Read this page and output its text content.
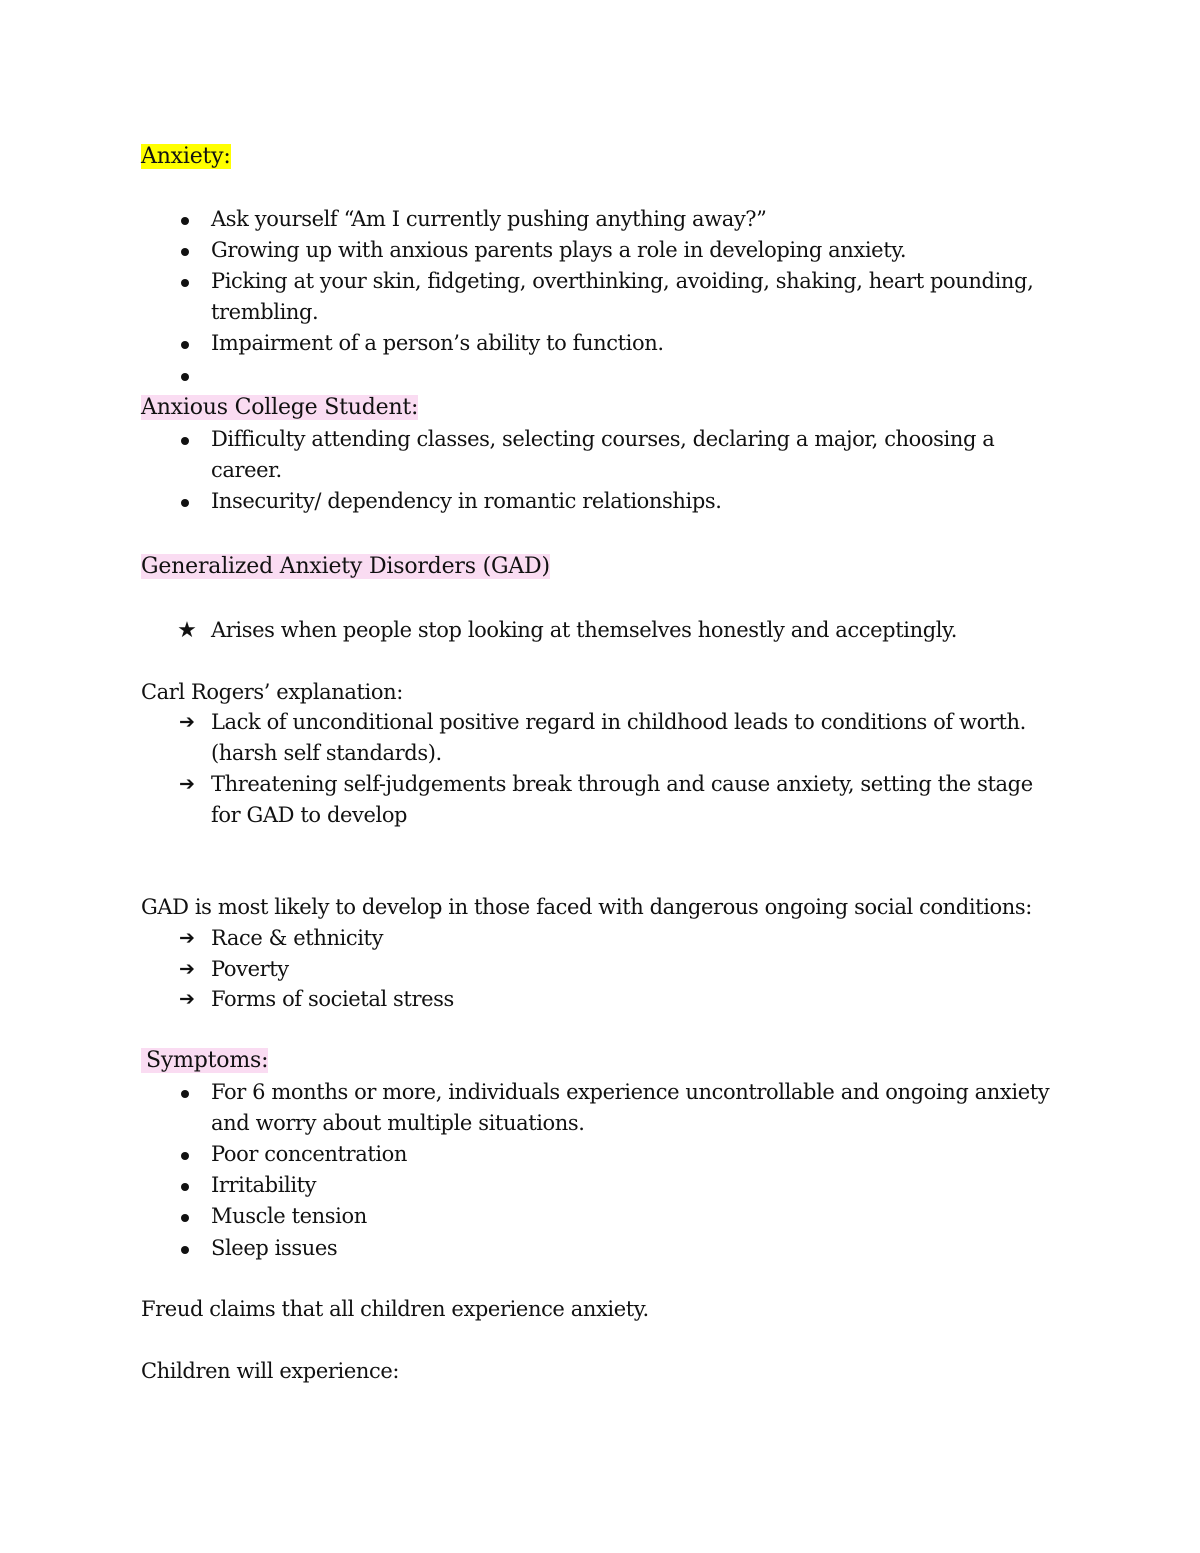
Anxiety:
Ask yourself “Am I currently pushing anything away?”
Growing up with anxious parents plays a role in developing anxiety.
Picking at your skin, fidgeting, overthinking, avoiding, shaking, heart pounding,
trembling.
Impairment of a person’s ability to function.
Anxious College Student:
Difficulty attending classes, selecting courses, declaring a major, choosing a
career.
Insecurity/ dependency in romantic relationships.
Generalized Anxiety Disorders (GAD)
★ Arises when people stop looking at themselves honestly and acceptingly.
Carl Rogers’ explanation:
➔ Lack of unconditional positive regard in childhood leads to conditions of worth.
(harsh self standards).
➔ Threatening self-judgements break through and cause anxiety, setting the stage
for GAD to develop
GAD is most likely to develop in those faced with dangerous ongoing social conditions:
➔ Race & ethnicity
➔ Poverty
➔ Forms of societal stress
Symptoms:
For 6 months or more, individuals experience uncontrollable and ongoing anxiety
and worry about multiple situations.
Poor concentration
Irritability
Muscle tension
Sleep issues
Freud claims that all children experience anxiety.
Children will experience:
